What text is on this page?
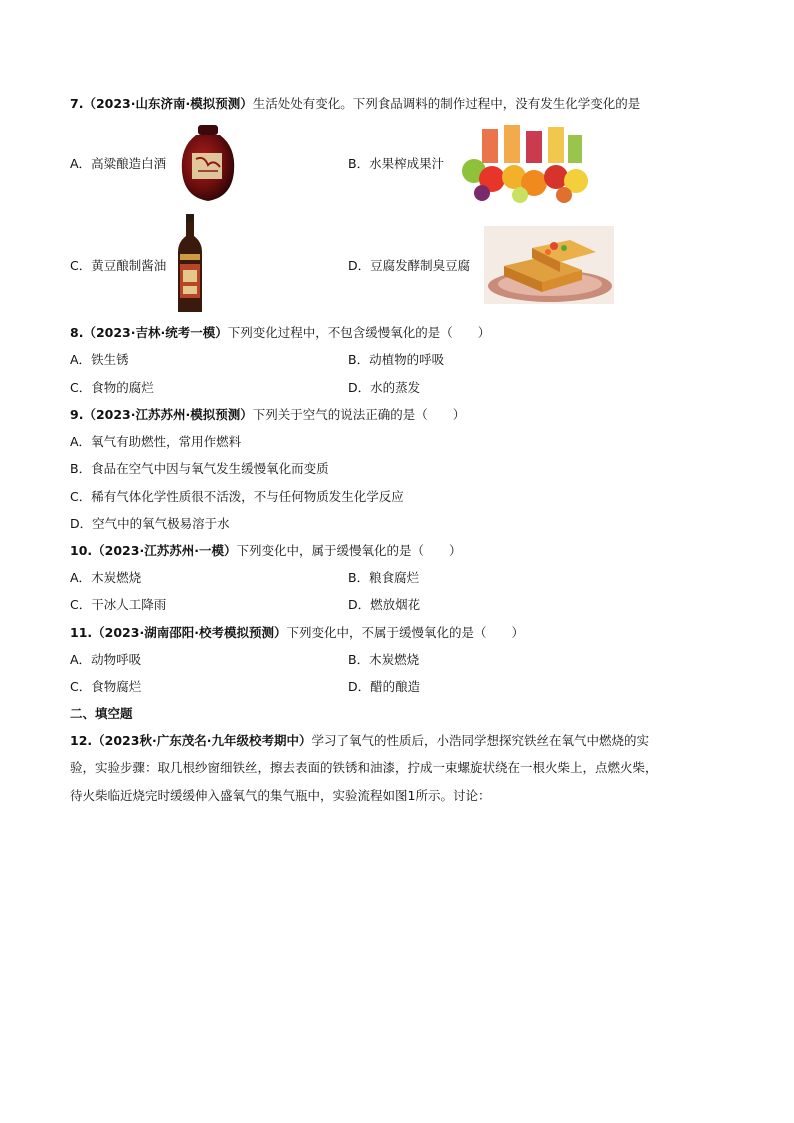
7.（2023·山东济南·模拟预测）生活处处有变化。下列食品调料的制作过程中，没有发生化学变化的是
A．高粱酿造白酒	B．水果榨成果汁
C．黄豆酿制酱油	D．豆腐发酵制臭豆腐
8.（2023·吉林·统考一模）下列变化过程中，不包含缓慢氧化的是（　　）
A．铁生锈	B．动植物的呼吸
C．食物的腐烂	D．水的蒸发
9.（2023·江苏苏州·模拟预测）下列关于空气的说法正确的是（　　）
A．氧气有助燃性，常用作燃料
B．食品在空气中因与氧气发生缓慢氧化而变质
C．稀有气体化学性质很不活泼，不与任何物质发生化学反应
D．空气中的氧气极易溶于水
10.（2023·江苏苏州·一模）下列变化中，属于缓慢氧化的是（　　）
A．木炭燃烧	B．粮食腐烂
C．干冰人工降雨	D．燃放烟花
11.（2023·湖南邵阳·校考模拟预测）下列变化中，不属于缓慢氧化的是（　　）
A．动物呼吸	B．木炭燃烧
C．食物腐烂	D．醋的酿造
二、填空题
12.（2023秋·广东茂名·九年级校考期中）学习了氧气的性质后，小浩同学想探究铁丝在氧气中燃烧的实
验，实验步骤：取几根纱窗细铁丝，擦去表面的铁锈和油漆，拧成一束螺旋状绕在一根火柴上，点燃火柴，
待火柴临近烧完时缓缓伸入盛氧气的集气瓶中，实验流程如图1所示。讨论：
